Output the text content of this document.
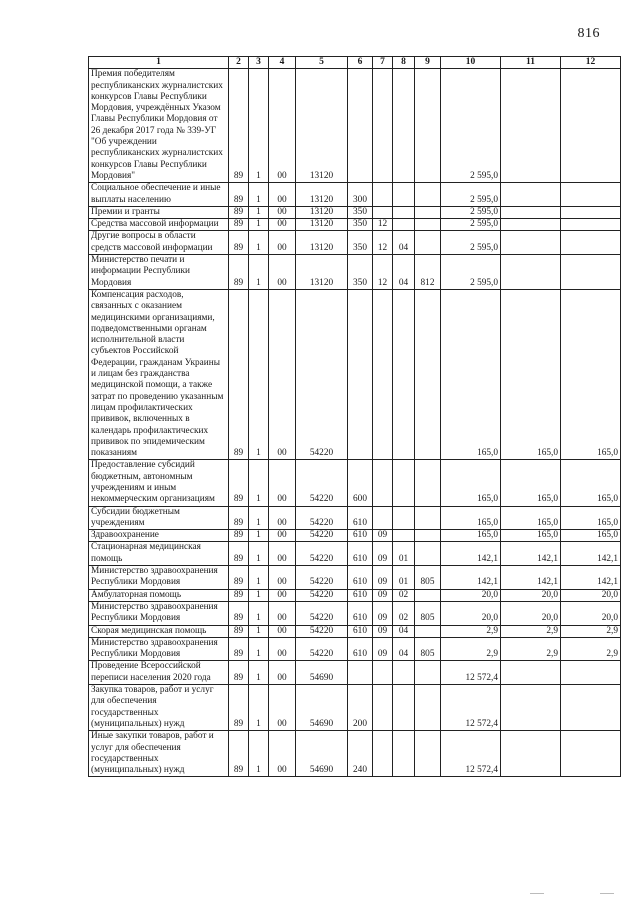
816
1	2	3	4	5	6	7	8	9	10	11	12
Премия победителям республиканских журналистских конкурсов Главы Республики Мордовия, учреждённых Указом Главы Республики Мордовия от 26 декабря 2017 года № 339-УГ "Об учреждении республиканских журналистских конкурсов Главы Республики Мордовия"	89	1	00	13120					2 595,0		
Социальное обеспечение и иные выплаты населению	89	1	00	13120	300				2 595,0		
Премии и гранты	89	1	00	13120	350				2 595,0		
Средства массовой информации	89	1	00	13120	350	12			2 595,0		
Другие вопросы в области средств массовой информации	89	1	00	13120	350	12	04		2 595,0		
Министерство печати и информации Республики Мордовия	89	1	00	13120	350	12	04	812	2 595,0		
Компенсация расходов, связанных с оказанием медицинскими организациями, подведомственными органам исполнительной власти субъектов Российской Федерации, гражданам Украины и лицам без гражданства медицинской помощи, а также затрат по проведению указанным лицам профилактических прививок, включенных в календарь профилактических прививок по эпидемическим показаниям	89	1	00	54220					165,0	165,0	165,0
Предоставление субсидий бюджетным, автономным учреждениям и иным некоммерческим организациям	89	1	00	54220	600				165,0	165,0	165,0
Субсидии бюджетным учреждениям	89	1	00	54220	610				165,0	165,0	165,0
Здравоохранение	89	1	00	54220	610	09			165,0	165,0	165,0
Стационарная медицинская помощь	89	1	00	54220	610	09	01		142,1	142,1	142,1
Министерство здравоохранения Республики Мордовия	89	1	00	54220	610	09	01	805	142,1	142,1	142,1
Амбулаторная помощь	89	1	00	54220	610	09	02		20,0	20,0	20,0
Министерство здравоохранения Республики Мордовия	89	1	00	54220	610	09	02	805	20,0	20,0	20,0
Скорая медицинская помощь	89	1	00	54220	610	09	04		2,9	2,9	2,9
Министерство здравоохранения Республики Мордовия	89	1	00	54220	610	09	04	805	2,9	2,9	2,9
Проведение Всероссийской переписи населения 2020 года	89	1	00	54690					12 572,4		
Закупка товаров, работ и услуг для обеспечения государственных (муниципальных) нужд	89	1	00	54690	200				12 572,4		
Иные закупки товаров, работ и услуг для обеспечения государственных (муниципальных) нужд	89	1	00	54690	240				12 572,4		
